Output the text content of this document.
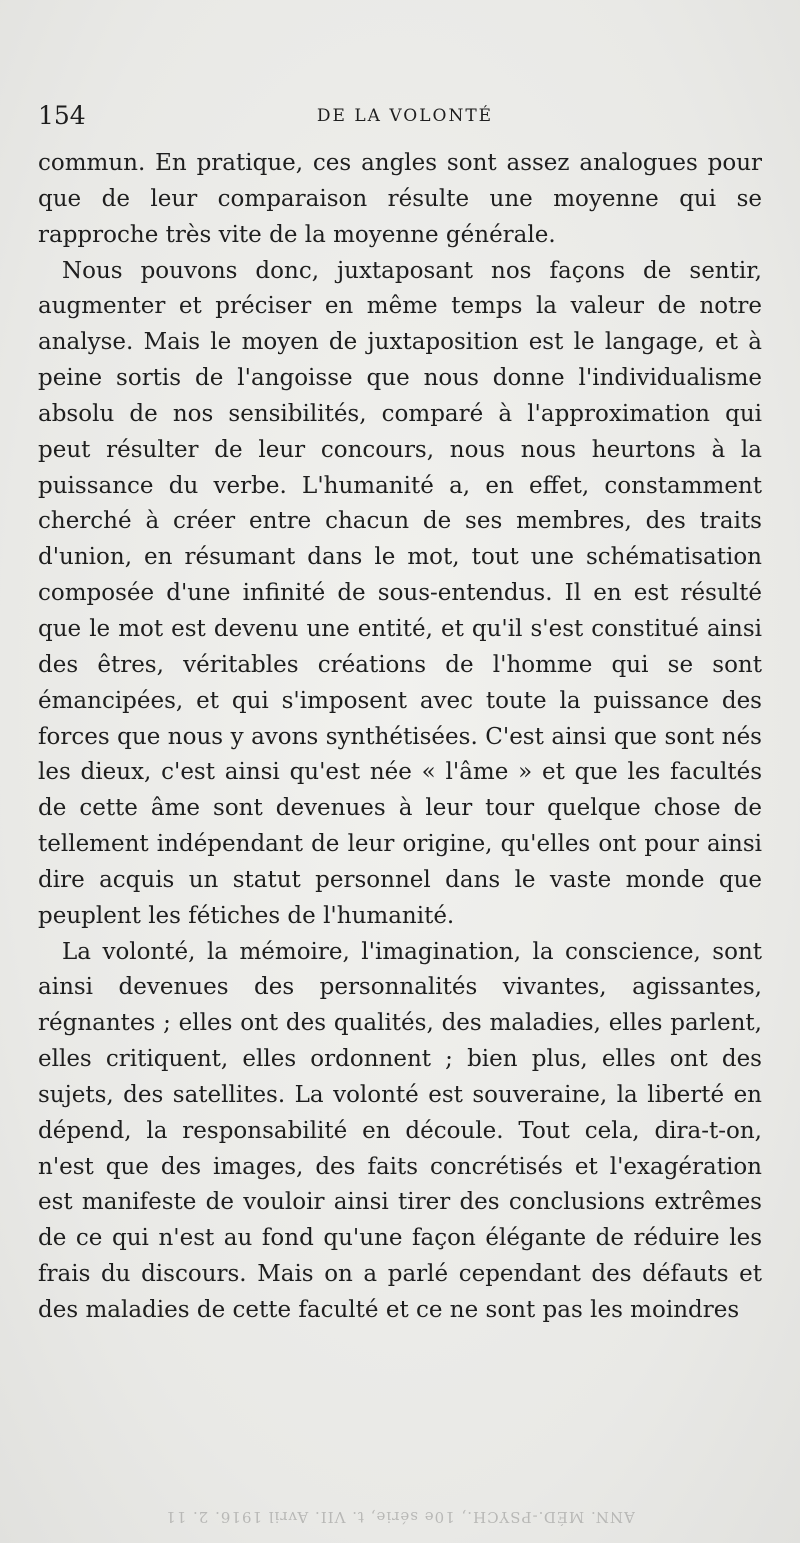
154	DE LA VOLONTÉ

commun. En pratique, ces angles sont assez analogues pour que de leur comparaison résulte une moyenne qui se rapproche très vite de la moyenne générale.

Nous pouvons donc, juxtaposant nos façons de sentir, augmenter et préciser en même temps la valeur de notre analyse. Mais le moyen de juxtaposition est le langage, et à peine sortis de l'angoisse que nous donne l'individualisme absolu de nos sensibilités, comparé à l'approximation qui peut résulter de leur concours, nous nous heurtons à la puissance du verbe. L'humanité a, en effet, constamment cherché à créer entre chacun de ses membres, des traits d'union, en résumant dans le mot, tout une schématisation composée d'une infinité de sous-entendus. Il en est résulté que le mot est devenu une entité, et qu'il s'est constitué ainsi des êtres, véritables créations de l'homme qui se sont émancipées, et qui s'imposent avec toute la puissance des forces que nous y avons synthétisées. C'est ainsi que sont nés les dieux, c'est ainsi qu'est née « l'âme » et que les facultés de cette âme sont devenues à leur tour quelque chose de tellement indépendant de leur origine, qu'elles ont pour ainsi dire acquis un statut personnel dans le vaste monde que peuplent les fétiches de l'humanité.

La volonté, la mémoire, l'imagination, la conscience, sont ainsi devenues des personnalités vivantes, agissantes, régnantes ; elles ont des qualités, des maladies, elles parlent, elles critiquent, elles ordonnent ; bien plus, elles ont des sujets, des satellites. La volonté est souveraine, la liberté en dépend, la responsabilité en découle. Tout cela, dira-t-on, n'est que des images, des faits concrétisés et l'exagération est manifeste de vouloir ainsi tirer des conclusions extrêmes de ce qui n'est au fond qu'une façon élégante de réduire les frais du discours. Mais on a parlé cependant des défauts et des maladies de cette faculté et ce ne sont pas les moindres

ANN. MÉD.-PSYCH., 10e série, t. VII. Avril 1916. 2. 11
